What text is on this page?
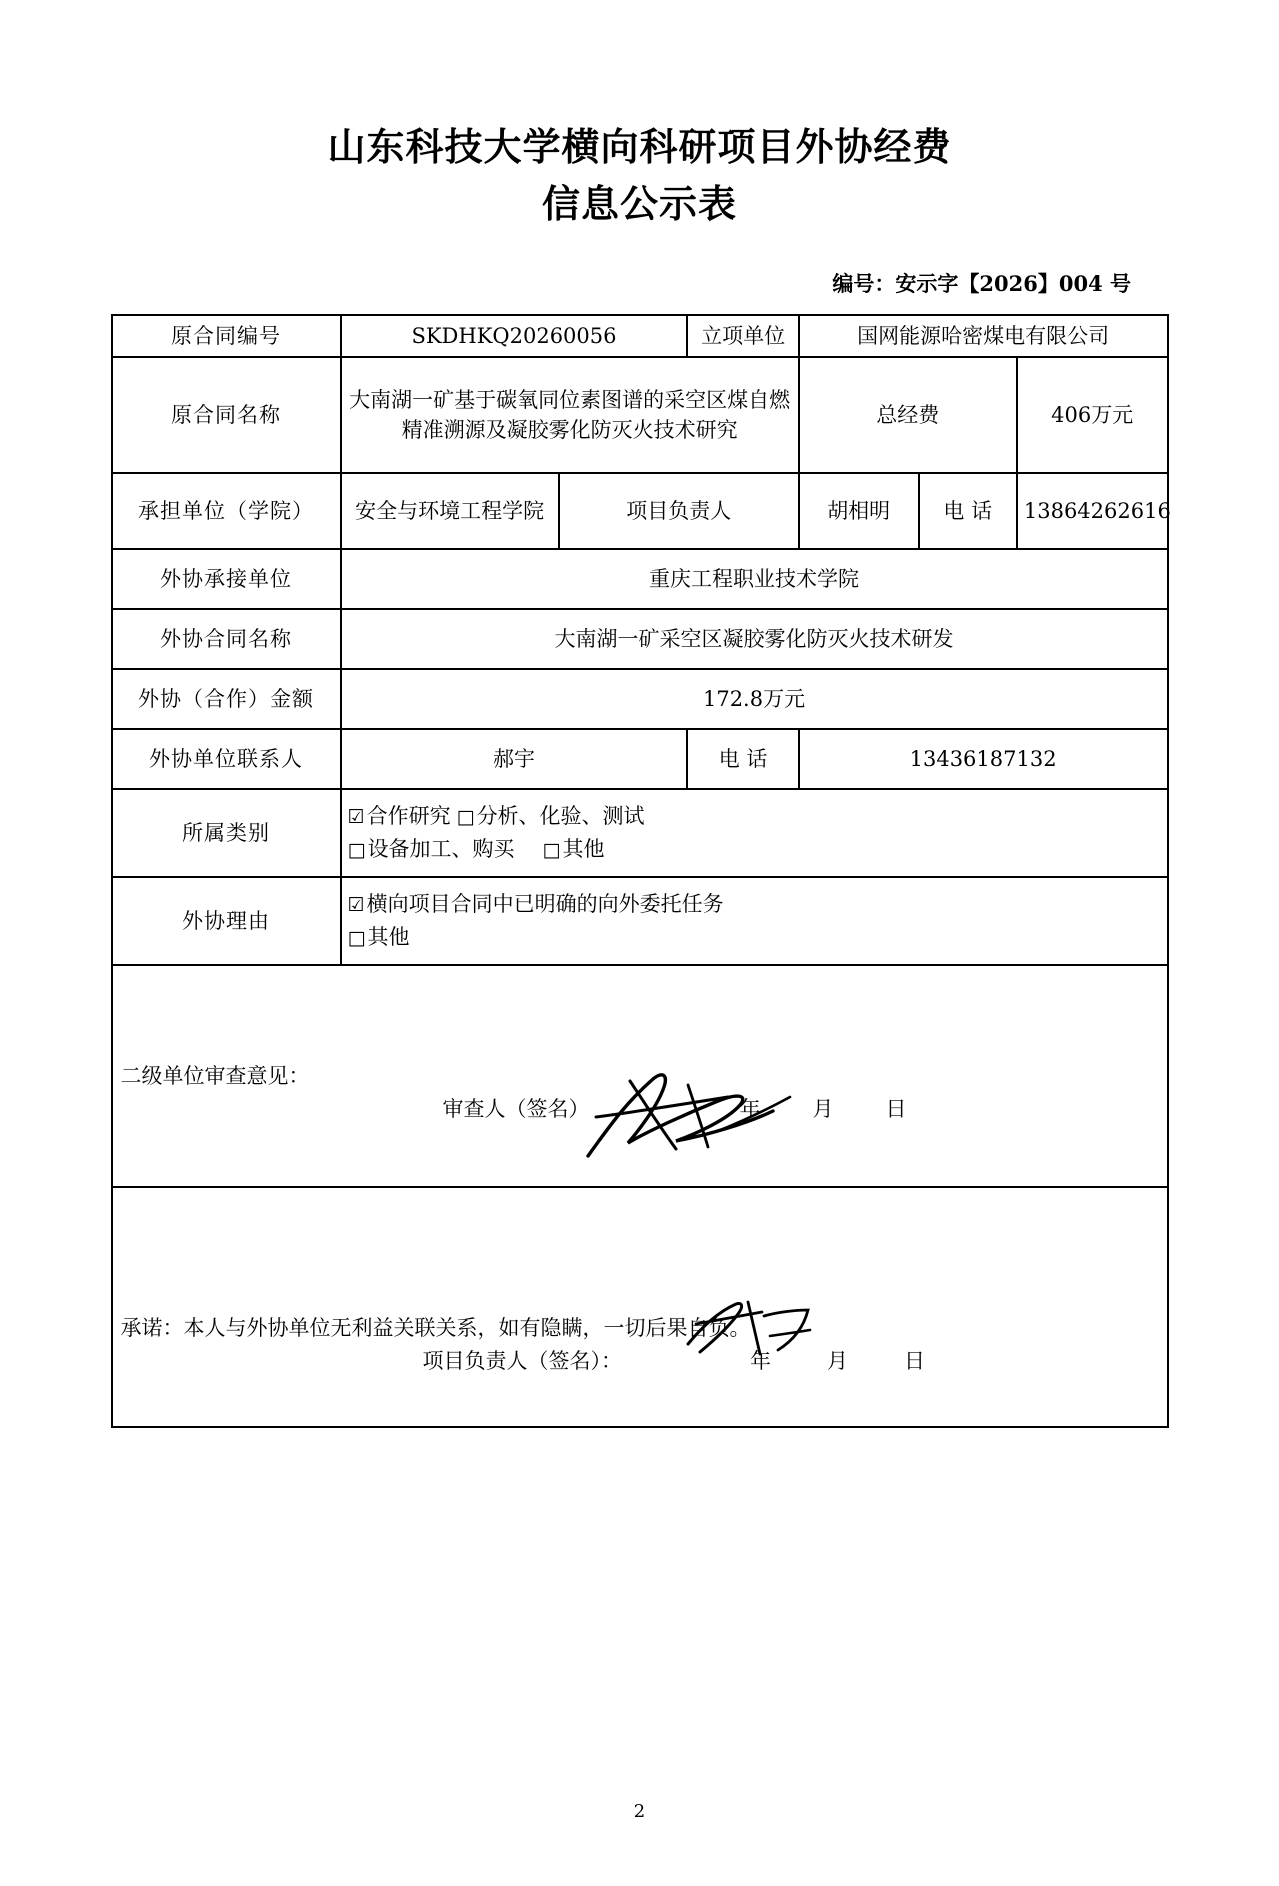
山东科技大学横向科研项目外协经费
信息公示表
编号：安示字【2026】004 号
原合同编号	SKDHKQ20260056		立项单位	国网能源哈密煤电有限公司		
原合同名称	大南湖一矿基于碳氧同位素图谱的采空区煤自燃精准溯源及凝胶雾化防灭火技术研究			总经费		406万元
承担单位（学院）	安全与环境工程学院	项目负责人		胡相明	电 话	13864262616
外协承接单位	重庆工程职业技术学院					
外协合同名称	大南湖一矿采空区凝胶雾化防灭火技术研发					
外协（合作）金额	172.8万元					
外协单位联系人	郝宇		电 话	13436187132		
所属类别	☑合作研究 □分析、化验、测试
□设备加工、购买 □其他					

外协理由	☑横向项目合同中已明确的向外委托任务
□其他					

二级单位审查意见：
审查人（签名） 年 月 日						

承诺：本人与外协单位无利益关联关系，如有隐瞒，一切后果自负。
项目负责人（签名）： 年 月 日						
2
